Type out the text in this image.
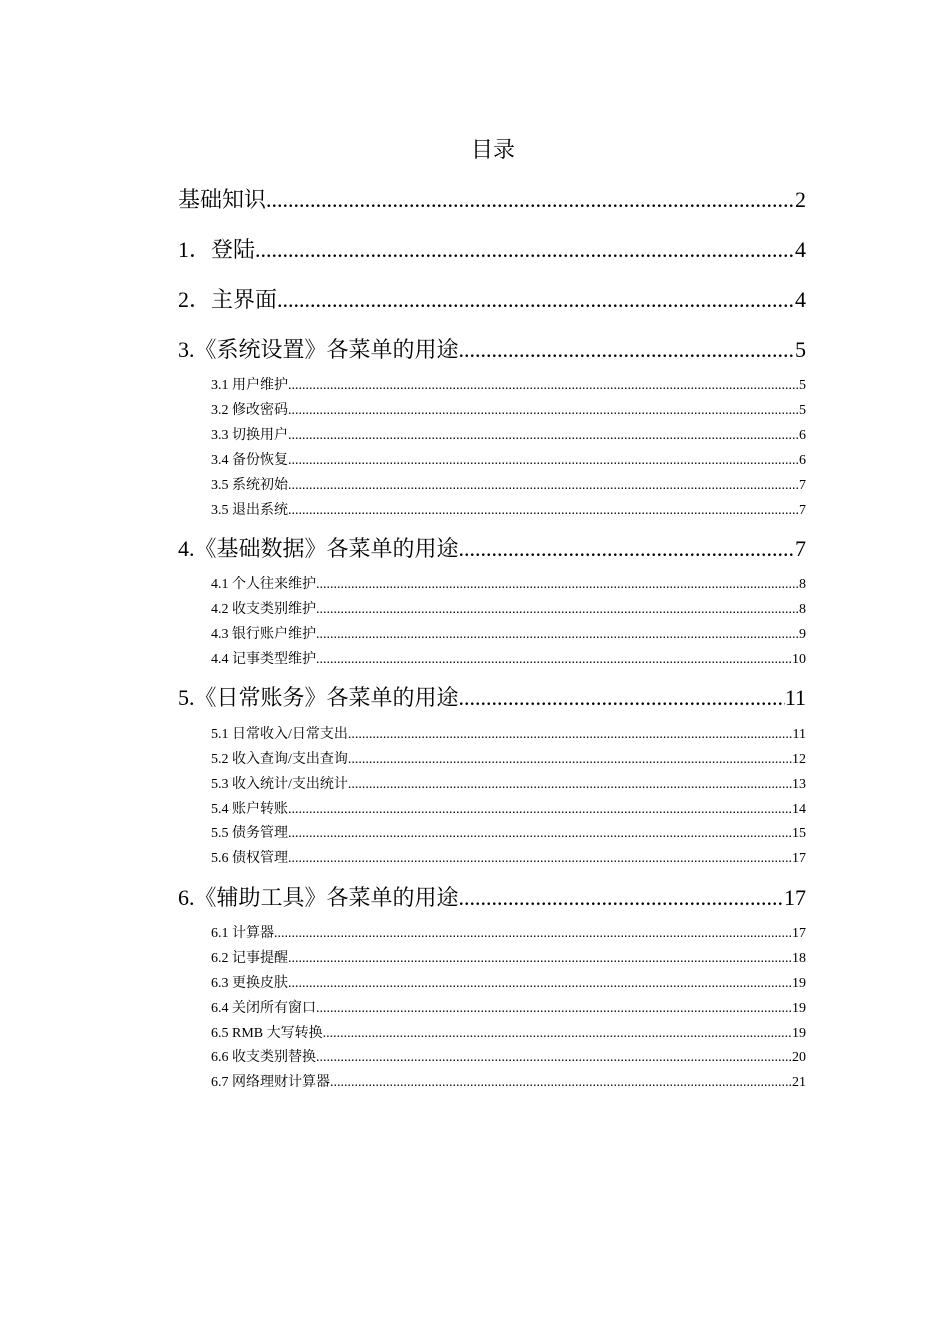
目录
基础知识 .....	2
1．登陆 .....	4
2．主界面 .....	4
3.《系统设置》各菜单的用途 .....	5
3.1 用户维护 .....	5
3.2 修改密码 .....	5
3.3 切换用户 .....	6
3.4 备份恢复 .....	6
3.5 系统初始 .....	7
3.5 退出系统 .....	7
4.《基础数据》各菜单的用途 .....	7
4.1 个人往来维护 .....	8
4.2 收支类别维护 .....	8
4.3 银行账户维护 .....	9
4.4 记事类型维护 .....	10
5.《日常账务》各菜单的用途 .....	11
5.1 日常收入/日常支出 .....	11
5.2 收入查询/支出查询 .....	12
5.3 收入统计/支出统计 .....	13
5.4 账户转账 .....	14
5.5 债务管理 .....	15
5.6 债权管理 .....	17
6.《辅助工具》各菜单的用途 .....	17
6.1 计算器 .....	17
6.2 记事提醒 .....	18
6.3 更换皮肤 .....	19
6.4 关闭所有窗口 .....	19
6.5 RMB 大写转换 .....	19
6.6 收支类别替换 .....	20
6.7 网络理财计算器 .....	21
